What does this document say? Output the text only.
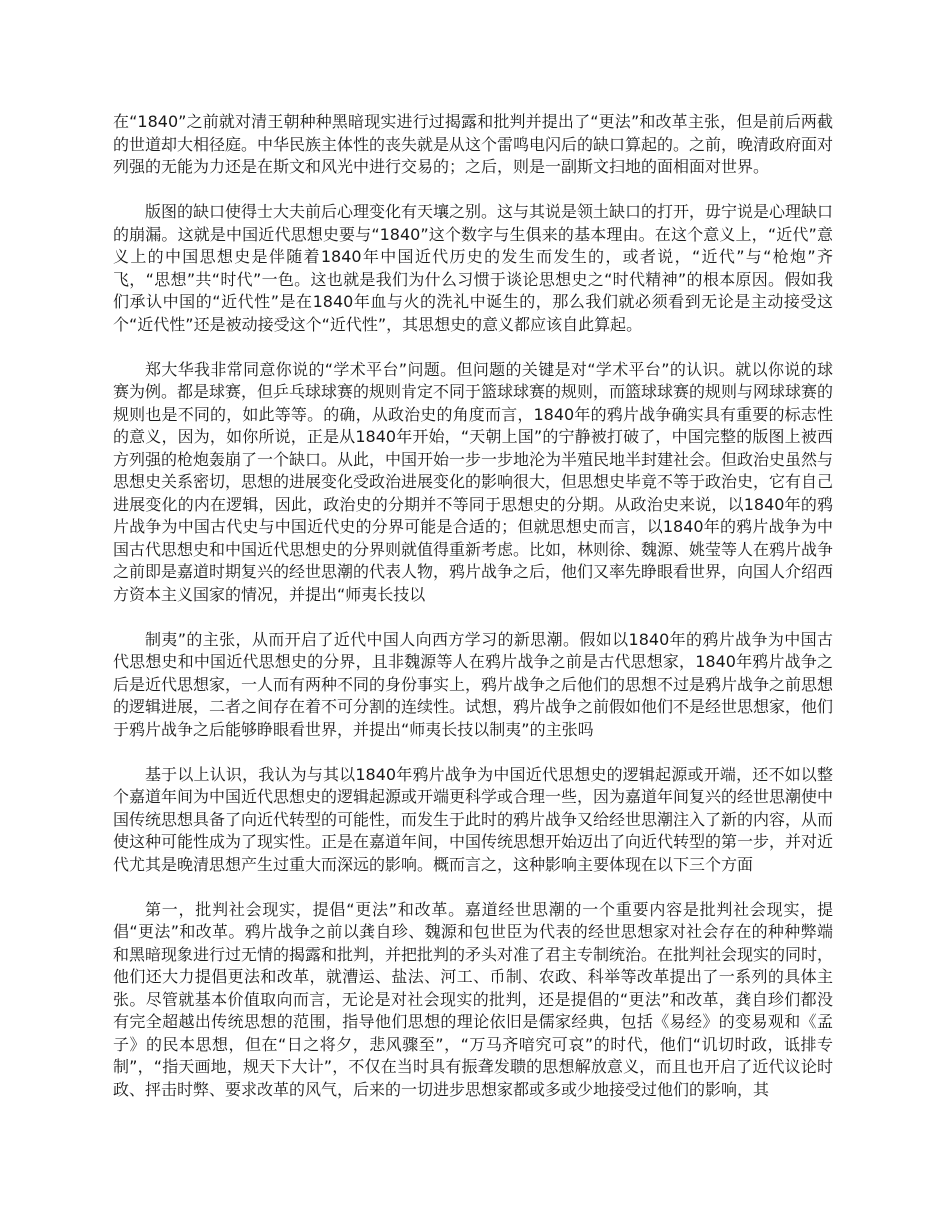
在“1840”之前就对清王朝种种黑暗现实进行过揭露和批判并提出了“更法”和改革主张，但是前后两截的世道却大相径庭。中华民族主体性的丧失就是从这个雷鸣电闪后的缺口算起的。之前，晚清政府面对列强的无能为力还是在斯文和风光中进行交易的；之后，则是一副斯文扫地的面相面对世界。

版图的缺口使得士大夫前后心理变化有天壤之别。这与其说是领土缺口的打开，毋宁说是心理缺口的崩漏。这就是中国近代思想史要与“1840”这个数字与生俱来的基本理由。在这个意义上，“近代”意义上的中国思想史是伴随着1840年中国近代历史的发生而发生的，或者说，“近代”与“枪炮”齐飞，“思想”共“时代”一色。这也就是我们为什么习惯于谈论思想史之“时代精神”的根本原因。假如我们承认中国的“近代性”是在1840年血与火的洗礼中诞生的，那么我们就必须看到无论是主动接受这个“近代性”还是被动接受这个“近代性”，其思想史的意义都应该自此算起。

郑大华我非常同意你说的“学术平台”问题。但问题的关键是对“学术平台”的认识。就以你说的球赛为例。都是球赛，但乒乓球球赛的规则肯定不同于篮球球赛的规则，而篮球球赛的规则与网球球赛的规则也是不同的，如此等等。的确，从政治史的角度而言，1840年的鸦片战争确实具有重要的标志性的意义，因为，如你所说，正是从1840年开始，“天朝上国”的宁静被打破了，中国完整的版图上被西方列强的枪炮轰崩了一个缺口。从此，中国开始一步一步地沦为半殖民地半封建社会。但政治史虽然与思想史关系密切，思想的进展变化受政治进展变化的影响很大，但思想史毕竟不等于政治史，它有自己进展变化的内在逻辑，因此，政治史的分期并不等同于思想史的分期。从政治史来说，以1840年的鸦片战争为中国古代史与中国近代史的分界可能是合适的；但就思想史而言，以1840年的鸦片战争为中国古代思想史和中国近代思想史的分界则就值得重新考虑。比如，林则徐、魏源、姚莹等人在鸦片战争之前即是嘉道时期复兴的经世思潮的代表人物，鸦片战争之后，他们又率先睁眼看世界，向国人介绍西方资本主义国家的情况，并提出“师夷长技以

制夷”的主张，从而开启了近代中国人向西方学习的新思潮。假如以1840年的鸦片战争为中国古代思想史和中国近代思想史的分界，且非魏源等人在鸦片战争之前是古代思想家，1840年鸦片战争之后是近代思想家，一人而有两种不同的身份事实上，鸦片战争之后他们的思想不过是鸦片战争之前思想的逻辑进展，二者之间存在着不可分割的连续性。试想，鸦片战争之前假如他们不是经世思想家，他们于鸦片战争之后能够睁眼看世界，并提出“师夷长技以制夷”的主张吗

基于以上认识，我认为与其以1840年鸦片战争为中国近代思想史的逻辑起源或开端，还不如以整个嘉道年间为中国近代思想史的逻辑起源或开端更科学或合理一些，因为嘉道年间复兴的经世思潮使中国传统思想具备了向近代转型的可能性，而发生于此时的鸦片战争又给经世思潮注入了新的内容，从而使这种可能性成为了现实性。正是在嘉道年间，中国传统思想开始迈出了向近代转型的第一步，并对近代尤其是晚清思想产生过重大而深远的影响。概而言之，这种影响主要体现在以下三个方面

第一，批判社会现实，提倡“更法”和改革。嘉道经世思潮的一个重要内容是批判社会现实，提倡“更法”和改革。鸦片战争之前以龚自珍、魏源和包世臣为代表的经世思想家对社会存在的种种弊端和黑暗现象进行过无情的揭露和批判，并把批判的矛头对准了君主专制统治。在批判社会现实的同时，他们还大力提倡更法和改革，就漕运、盐法、河工、币制、农政、科举等改革提出了一系列的具体主张。尽管就基本价值取向而言，无论是对社会现实的批判，还是提倡的“更法”和改革，龚自珍们都没有完全超越出传统思想的范围，指导他们思想的理论依旧是儒家经典，包括《易经》的变易观和《孟子》的民本思想，但在“日之将夕，悲风骤至”，“万马齐喑究可哀”的时代，他们“讥切时政，诋排专制”，“指天画地，规天下大计”，不仅在当时具有振聋发聩的思想解放意义，而且也开启了近代议论时政、抨击时弊、要求改革的风气，后来的一切进步思想家都或多或少地接受过他们的影响，其
